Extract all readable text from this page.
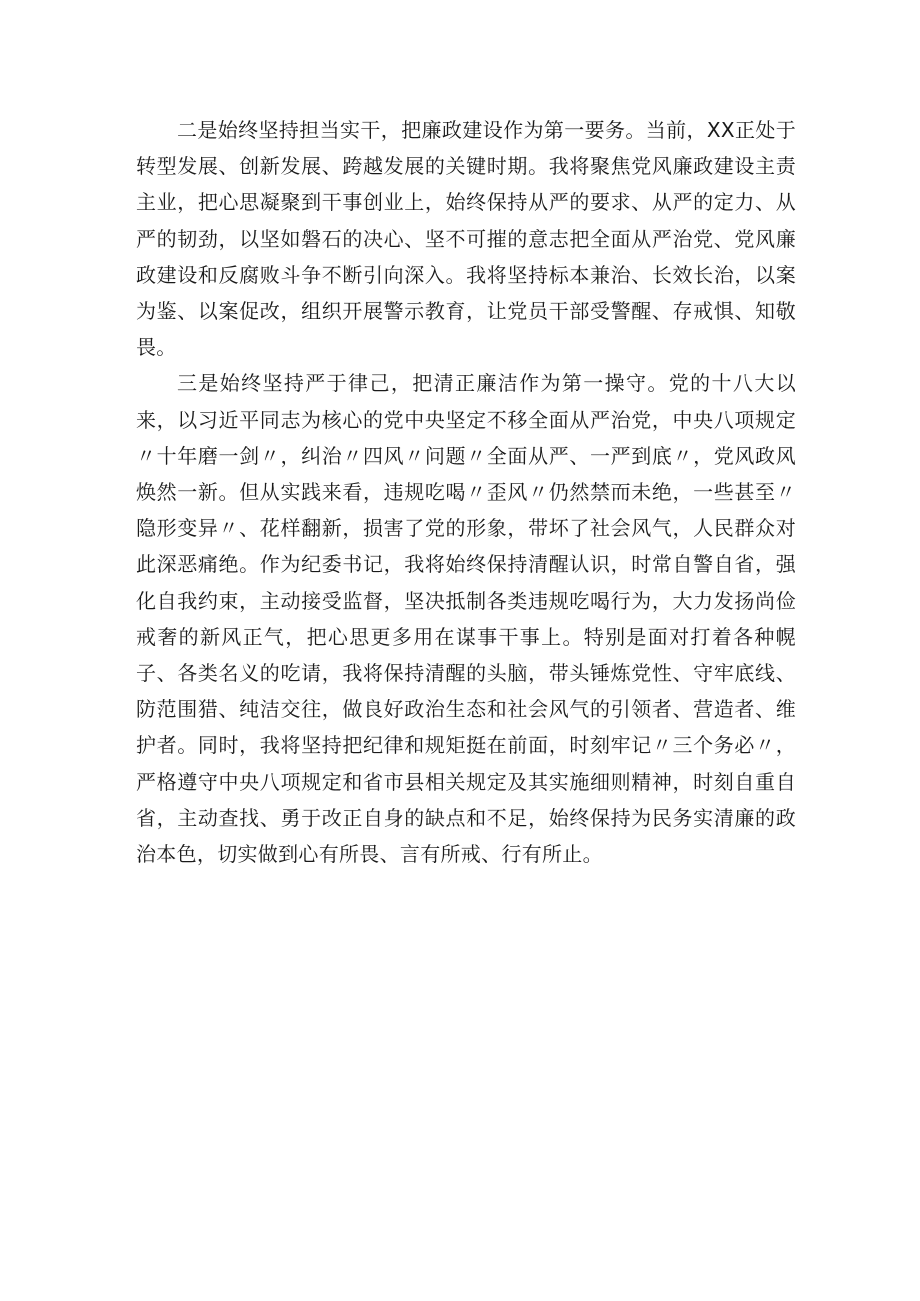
二是始终坚持担当实干，把廉政建设作为第一要务。当前，XX正处于转型发展、创新发展、跨越发展的关键时期。我将聚焦党风廉政建设主责主业，把心思凝聚到干事创业上，始终保持从严的要求、从严的定力、从严的韧劲，以坚如磐石的决心、坚不可摧的意志把全面从严治党、党风廉政建设和反腐败斗争不断引向深入。我将坚持标本兼治、长效长治，以案为鉴、以案促改，组织开展警示教育，让党员干部受警醒、存戒惧、知敬畏。

三是始终坚持严于律己，把清正廉洁作为第一操守。党的十八大以来，以习近平同志为核心的党中央坚定不移全面从严治党，中央八项规定〃十年磨一剑〃，纠治〃四风〃问题〃全面从严、一严到底〃，党风政风焕然一新。但从实践来看，违规吃喝〃歪风〃仍然禁而未绝，一些甚至〃隐形变异〃、花样翻新，损害了党的形象，带坏了社会风气，人民群众对此深恶痛绝。作为纪委书记，我将始终保持清醒认识，时常自警自省，强化自我约束，主动接受监督，坚决抵制各类违规吃喝行为，大力发扬尚俭戒奢的新风正气，把心思更多用在谋事干事上。特别是面对打着各种幌子、各类名义的吃请，我将保持清醒的头脑，带头锤炼党性、守牢底线、防范围猎、纯洁交往，做良好政治生态和社会风气的引领者、营造者、维护者。同时，我将坚持把纪律和规矩挺在前面，时刻牢记〃三个务必〃，严格遵守中央八项规定和省市县相关规定及其实施细则精神，时刻自重自省，主动查找、勇于改正自身的缺点和不足，始终保持为民务实清廉的政治本色，切实做到心有所畏、言有所戒、行有所止。
